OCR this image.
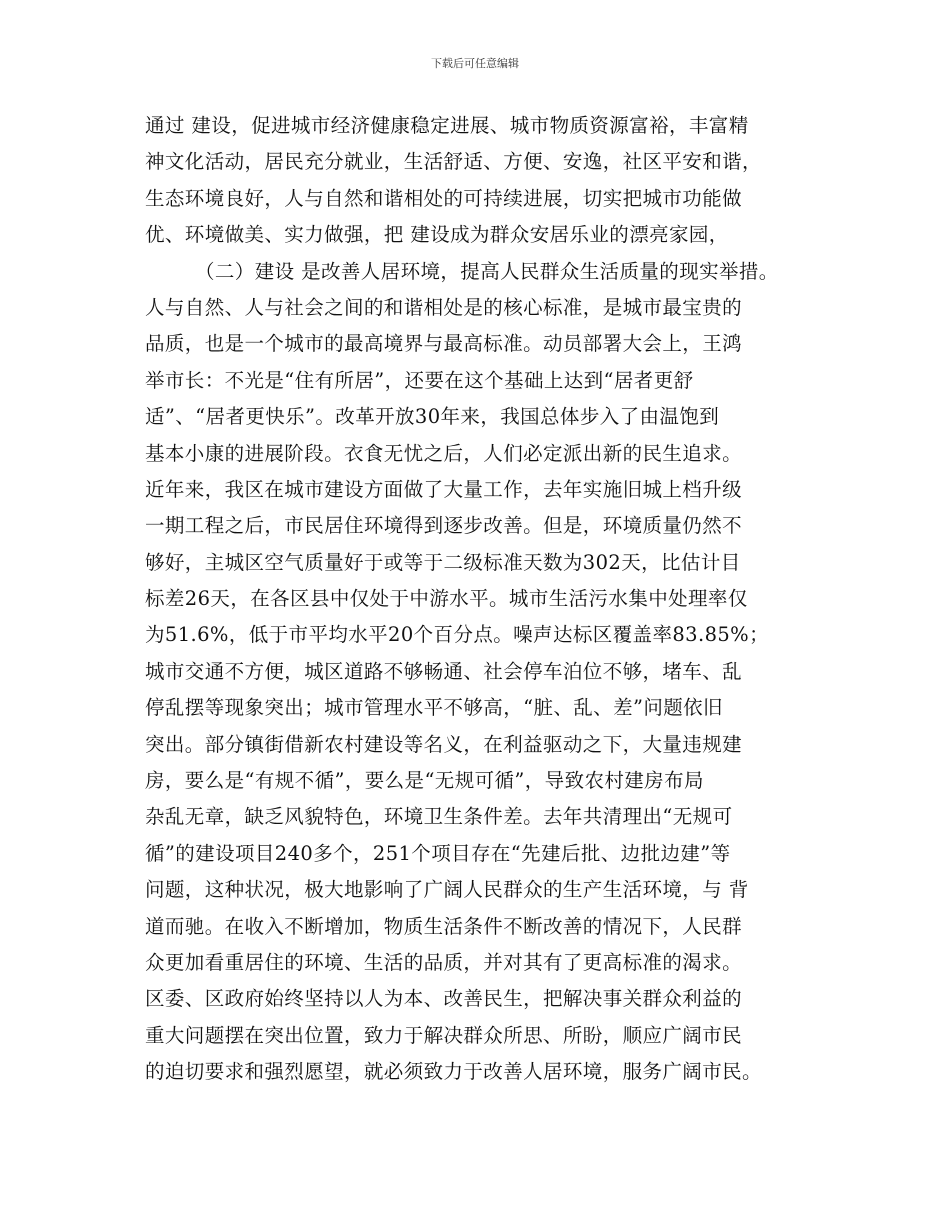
下载后可任意编辑
通过 建设，促进城市经济健康稳定进展、城市物质资源富裕，丰富精
神文化活动，居民充分就业，生活舒适、方便、安逸，社区平安和谐，
生态环境良好，人与自然和谐相处的可持续进展，切实把城市功能做
优、环境做美、实力做强，把 建设成为群众安居乐业的漂亮家园，
（二）建设 是改善人居环境，提高人民群众生活质量的现实举措。
人与自然、人与社会之间的和谐相处是的核心标准，是城市最宝贵的
品质，也是一个城市的最高境界与最高标准。动员部署大会上，王鸿
举市长：不光是“住有所居”，还要在这个基础上达到“居者更舒
适”、“居者更快乐”。改革开放30年来，我国总体步入了由温饱到
基本小康的进展阶段。衣食无忧之后，人们必定派出新的民生追求。
近年来，我区在城市建设方面做了大量工作，去年实施旧城上档升级
一期工程之后，市民居住环境得到逐步改善。但是，环境质量仍然不
够好，主城区空气质量好于或等于二级标准天数为302天，比估计目
标差26天，在各区县中仅处于中游水平。城市生活污水集中处理率仅
为51.6%，低于市平均水平20个百分点。噪声达标区覆盖率83.85%；
城市交通不方便，城区道路不够畅通、社会停车泊位不够，堵车、乱
停乱摆等现象突出；城市管理水平不够高，“脏、乱、差”问题依旧
突出。部分镇街借新农村建设等名义，在利益驱动之下，大量违规建
房，要么是“有规不循”，要么是“无规可循”，导致农村建房布局
杂乱无章，缺乏风貌特色，环境卫生条件差。去年共清理出“无规可
循”的建设项目240多个，251个项目存在“先建后批、边批边建”等
问题，这种状况，极大地影响了广阔人民群众的生产生活环境，与 背
道而驰。在收入不断增加，物质生活条件不断改善的情况下，人民群
众更加看重居住的环境、生活的品质，并对其有了更高标准的渴求。
区委、区政府始终坚持以人为本、改善民生，把解决事关群众利益的
重大问题摆在突出位置，致力于解决群众所思、所盼，顺应广阔市民
的迫切要求和强烈愿望，就必须致力于改善人居环境，服务广阔市民。
